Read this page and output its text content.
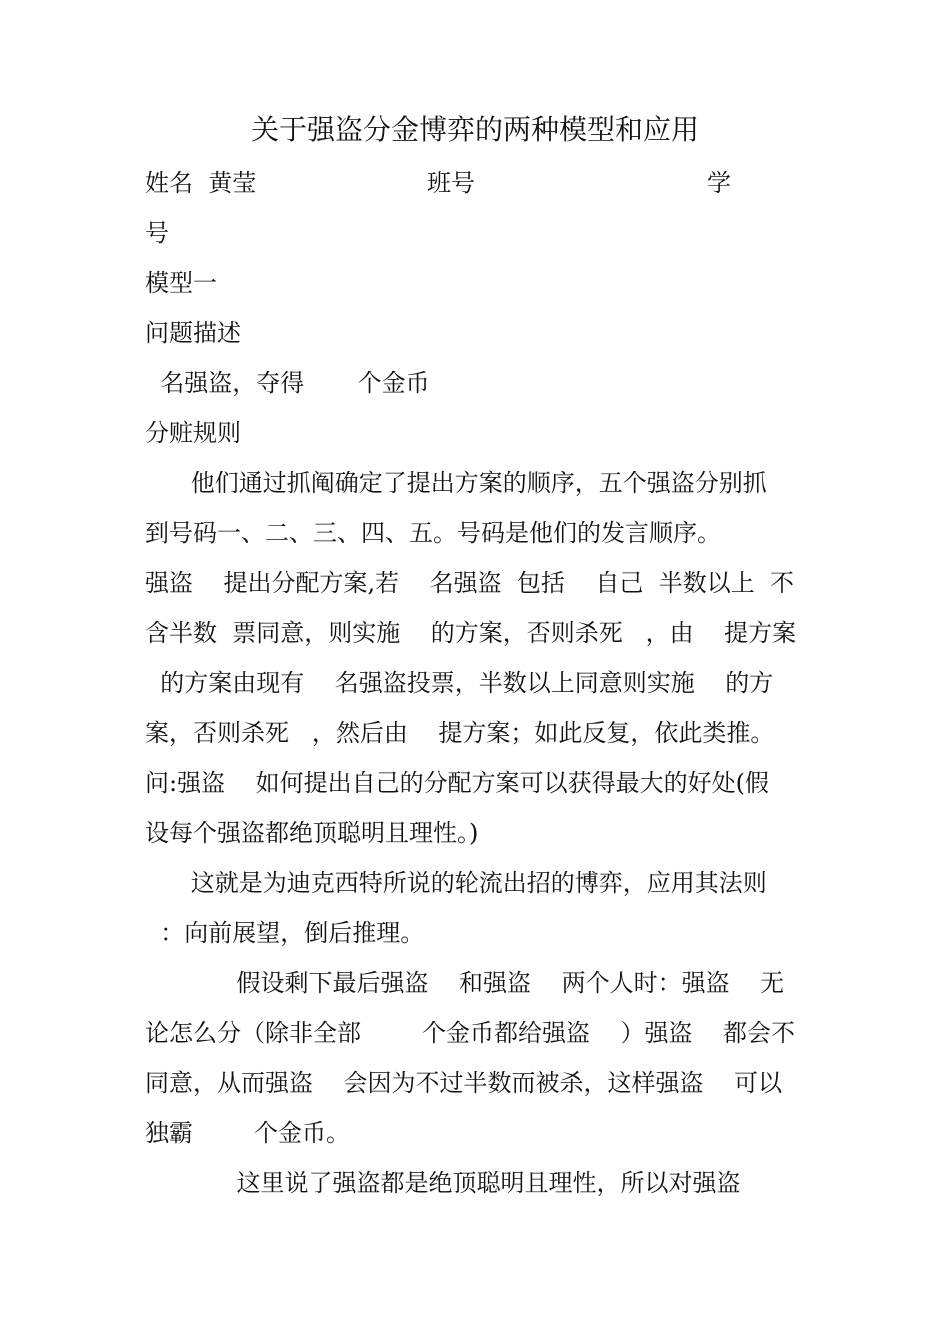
关于强盗分金博弈的两种模型和应用
姓名  黄莹	班号	学
号
模型一
问题描述
名强盗，夺得       个金币
分赃规则
他们通过抓阄确定了提出方案的顺序，五个强盗分别抓
到号码一、二、三、四、五。号码是他们的发言顺序。
强盗    提出分配方案,若    名强盗  包括    自己  半数以上  不
含半数  票同意，则实施    的方案，否则杀死   ，由    提方案
的方案由现有    名强盗投票，半数以上同意则实施    的方
案，否则杀死   ，然后由    提方案；如此反复，依此类推。
问:强盗    如何提出自己的分配方案可以获得最大的好处(假
设每个强盗都绝顶聪明且理性。)
这就是为迪克西特所说的轮流出招的博弈，应用其法则
：向前展望，倒后推理。
假设剩下最后强盗    和强盗    两个人时：强盗    无
论怎么分（除非全部        个金币都给强盗    ）强盗    都会不
同意，从而强盗    会因为不过半数而被杀，这样强盗    可以
独霸        个金币。
这里说了强盗都是绝顶聪明且理性，所以对强盗
